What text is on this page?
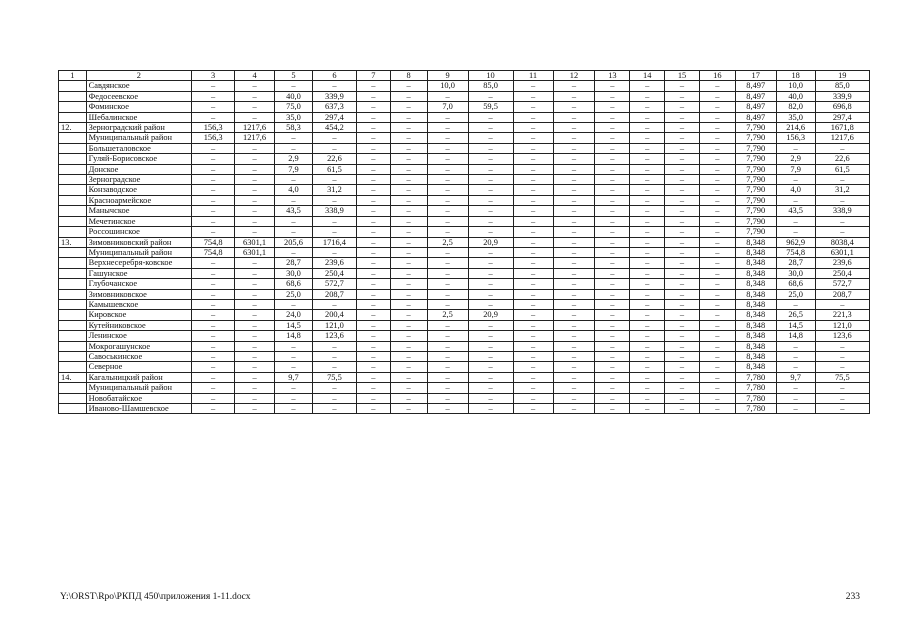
1	2	3	4	5	6	7	8	9	10	11	12	13	14	15	16	17	18	19
	Савдянское	–	–	–	–	–	–	10,0	85,0	–	–	–	–	–	–	8,497	10,0	85,0
	Федосеевское	–	–	40,0	339,9	–	–	–	–	–	–	–	–	–	–	8,497	40,0	339,9
	Фоминское	–	–	75,0	637,3	–	–	7,0	59,5	–	–	–	–	–	–	8,497	82,0	696,8
	Шебалинское	–	–	35,0	297,4	–	–	–	–	–	–	–	–	–	–	8,497	35,0	297,4
12.	Зерноградский район	156,3	1217,6	58,3	454,2	–	–	–	–	–	–	–	–	–	–	7,790	214,6	1671,8
	Муниципальный район	156,3	1217,6	–	–	–	–	–	–	–	–	–	–	–	–	7,790	156,3	1217,6
	Большеталовское	–	–	–	–	–	–	–	–	–	–	–	–	–	–	7,790	–	–
	Гуляй-Борисовское	–	–	2,9	22,6	–	–	–	–	–	–	–	–	–	–	7,790	2,9	22,6
	Донское	–	–	7,9	61,5	–	–	–	–	–	–	–	–	–	–	7,790	7,9	61,5
	Зерноградское	–	–	–	–	–	–	–	–	–	–	–	–	–	–	7,790	–	–
	Конзаводское	–	–	4,0	31,2	–	–	–	–	–	–	–	–	–	–	7,790	4,0	31,2
	Красноармейское	–	–	–	–	–	–	–	–	–	–	–	–	–	–	7,790	–	–
	Манычское	–	–	43,5	338,9	–	–	–	–	–	–	–	–	–	–	7,790	43,5	338,9
	Мечетинское	–	–	–	–	–	–	–	–	–	–	–	–	–	–	7,790	–	–
	Россошинское	–	–	–	–	–	–	–	–	–	–	–	–	–	–	7,790	–	–
13.	Зимовниковский район	754,8	6301,1	205,6	1716,4	–	–	2,5	20,9	–	–	–	–	–	–	8,348	962,9	8038,4
	Муниципальный район	754,8	6301,1	–	–	–	–	–	–	–	–	–	–	–	–	8,348	754,8	6301,1
	Верхнесеребря-ковское	–	–	28,7	239,6	–	–	–	–	–	–	–	–	–	–	8,348	28,7	239,6
	Гашунское	–	–	30,0	250,4	–	–	–	–	–	–	–	–	–	–	8,348	30,0	250,4
	Глубочанское	–	–	68,6	572,7	–	–	–	–	–	–	–	–	–	–	8,348	68,6	572,7
	Зимовниковское	–	–	25,0	208,7	–	–	–	–	–	–	–	–	–	–	8,348	25,0	208,7
	Камышевское	–	–	–	–	–	–	–	–	–	–	–	–	–	–	8,348	–	–
	Кировское	–	–	24,0	200,4	–	–	2,5	20,9	–	–	–	–	–	–	8,348	26,5	221,3
	Кутейниковское	–	–	14,5	121,0	–	–	–	–	–	–	–	–	–	–	8,348	14,5	121,0
	Ленинское	–	–	14,8	123,6	–	–	–	–	–	–	–	–	–	–	8,348	14,8	123,6
	Мокрогашунское	–	–	–	–	–	–	–	–	–	–	–	–	–	–	8,348	–	–
	Савоськинское	–	–	–	–	–	–	–	–	–	–	–	–	–	–	8,348	–	–
	Северное	–	–	–	–	–	–	–	–	–	–	–	–	–	–	8,348	–	–
14.	Кагальницкий район	–	–	9,7	75,5	–	–	–	–	–	–	–	–	–	–	7,780	9,7	75,5
	Муниципальный район	–	–	–	–	–	–	–	–	–	–	–	–	–	–	7,780	–	–
	Новобатайское	–	–	–	–	–	–	–	–	–	–	–	–	–	–	7,780	–	–
	Иваново-Шамшевское	–	–	–	–	–	–	–	–	–	–	–	–	–	–	7,780	–	–
Y:\ORST\Rpo\РКПД 450\приложения 1-11.docx	233
